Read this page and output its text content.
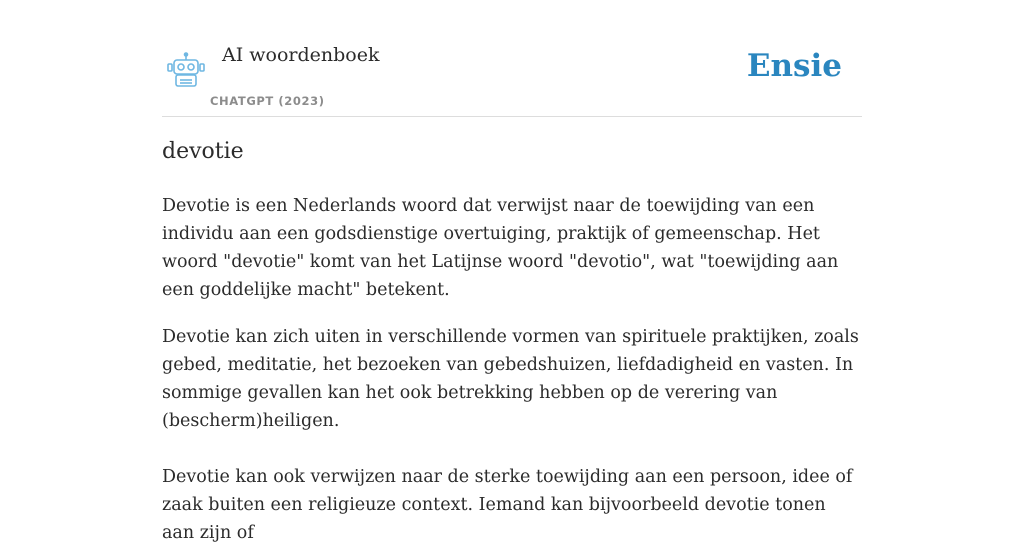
AI woordenboek
CHATGPT (2023)
Ensie
devotie

Devotie is een Nederlands woord dat verwijst naar de toewijding van een individu aan een godsdienstige overtuiging, praktijk of gemeenschap. Het woord "devotie" komt van het Latijnse woord "devotio", wat "toewijding aan een goddelijke macht" betekent.

Devotie kan zich uiten in verschillende vormen van spirituele praktijken, zoals gebed, meditatie, het bezoeken van gebedshuizen, liefdadigheid en vasten. In sommige gevallen kan het ook betrekking hebben op de verering van (bescherm)heiligen.

Devotie kan ook verwijzen naar de sterke toewijding aan een persoon, idee of zaak buiten een religieuze context. Iemand kan bijvoorbeeld devotie tonen aan zijn of
